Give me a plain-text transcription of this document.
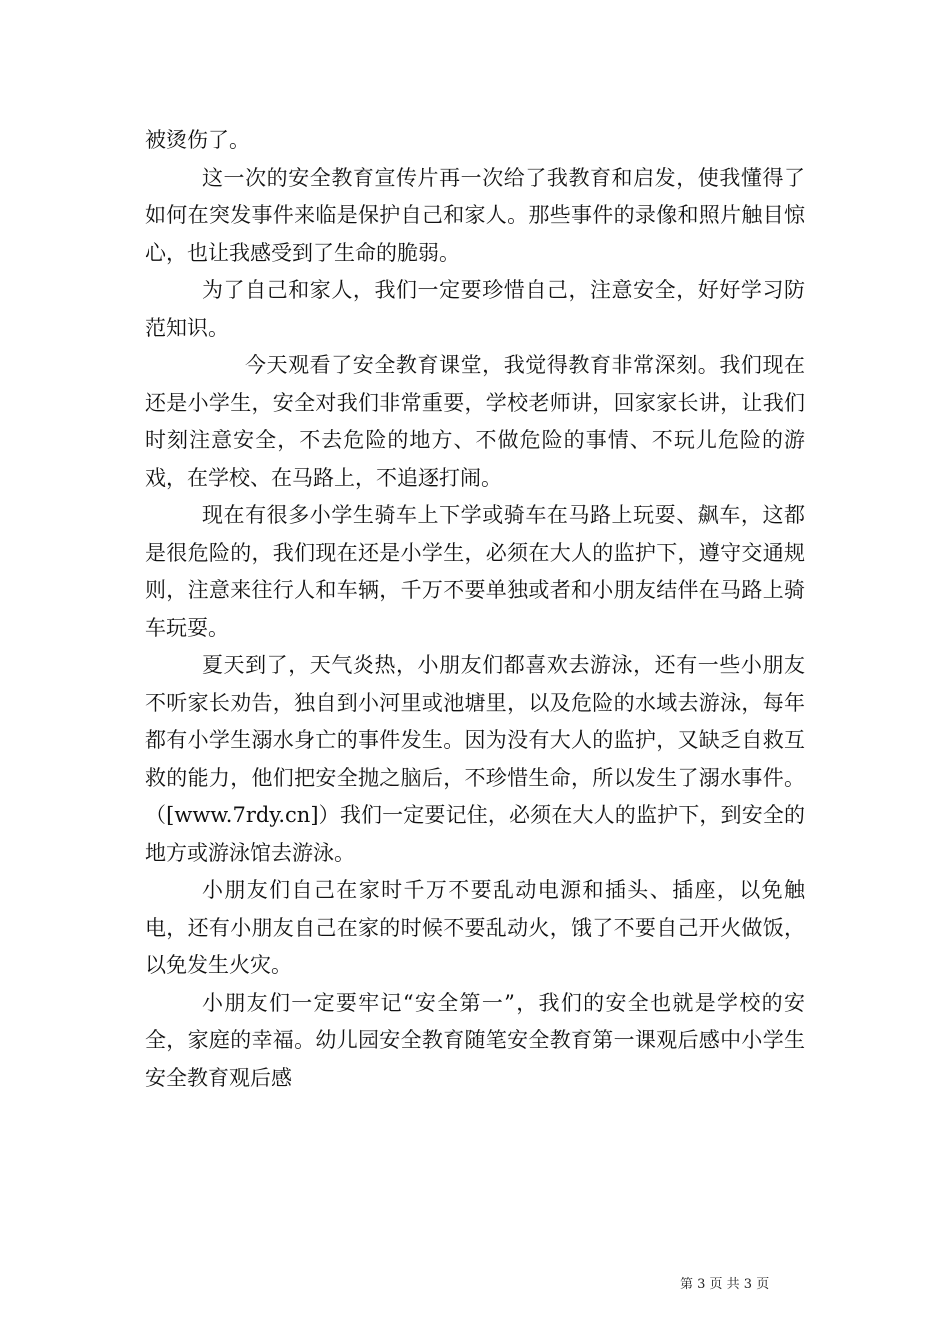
被烫伤了。

这一次的安全教育宣传片再一次给了我教育和启发，使我懂得了如何在突发事件来临是保护自己和家人。那些事件的录像和照片触目惊心，也让我感受到了生命的脆弱。

为了自己和家人，我们一定要珍惜自己，注意安全，好好学习防范知识。

今天观看了安全教育课堂，我觉得教育非常深刻。我们现在还是小学生，安全对我们非常重要，学校老师讲，回家家长讲，让我们时刻注意安全，不去危险的地方、不做危险的事情、不玩儿危险的游戏，在学校、在马路上，不追逐打闹。

现在有很多小学生骑车上下学或骑车在马路上玩耍、飙车，这都是很危险的，我们现在还是小学生，必须在大人的监护下，遵守交通规则，注意来往行人和车辆，千万不要单独或者和小朋友结伴在马路上骑车玩耍。

夏天到了，天气炎热，小朋友们都喜欢去游泳，还有一些小朋友不听家长劝告，独自到小河里或池塘里，以及危险的水域去游泳，每年都有小学生溺水身亡的事件发生。因为没有大人的监护，又缺乏自救互救的能力，他们把安全抛之脑后，不珍惜生命，所以发生了溺水事件。（[www.7rdy.cn]）我们一定要记住，必须在大人的监护下，到安全的地方或游泳馆去游泳。

小朋友们自己在家时千万不要乱动电源和插头、插座，以免触电，还有小朋友自己在家的时候不要乱动火，饿了不要自己开火做饭，以免发生火灾。

小朋友们一定要牢记“安全第一”，我们的安全也就是学校的安全，家庭的幸福。幼儿园安全教育随笔安全教育第一课观后感中小学生安全教育观后感

第 3 页 共 3 页
